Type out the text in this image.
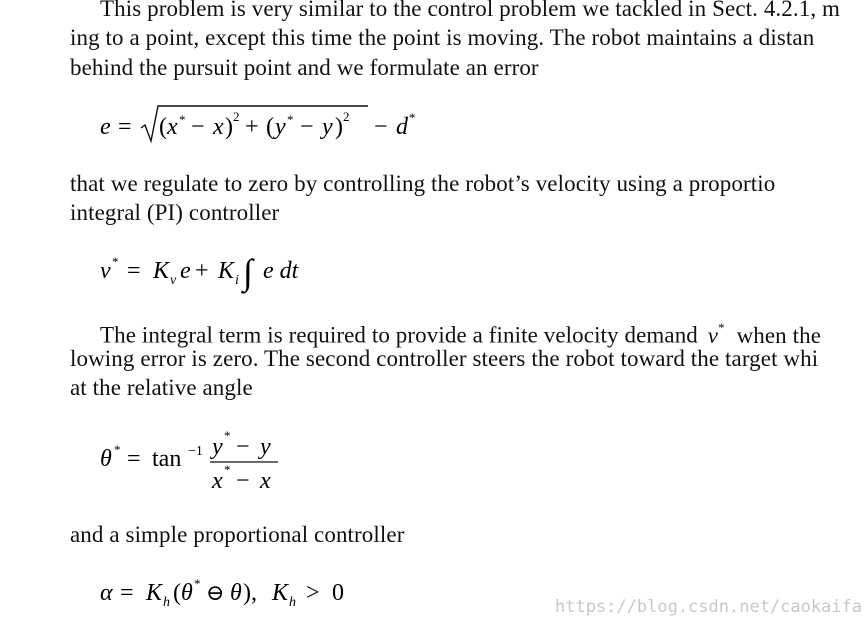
This problem is very similar to the control problem we tackled in Sect. 4.2.1, m
ing to a point, except this time the point is moving. The robot maintains a distan
behind the pursuit point and we formulate an error
e = ( x * − x ) 2 + ( y * − y ) 2 − d *
that we regulate to zero by controlling the robot’s velocity using a proportio
integral (PI) controller
v * = K v e + K i ∫ e dt
The integral term is required to provide a finite velocity demand v* when the
lowing error is zero. The second controller steers the robot toward the target whi
at the relative angle
θ * = tan −1 y * − y
x * − x
and a simple proportional controller
α = K h ( θ * ⊖ θ ), K h > 0
https://blog.csdn.net/caokaifa
